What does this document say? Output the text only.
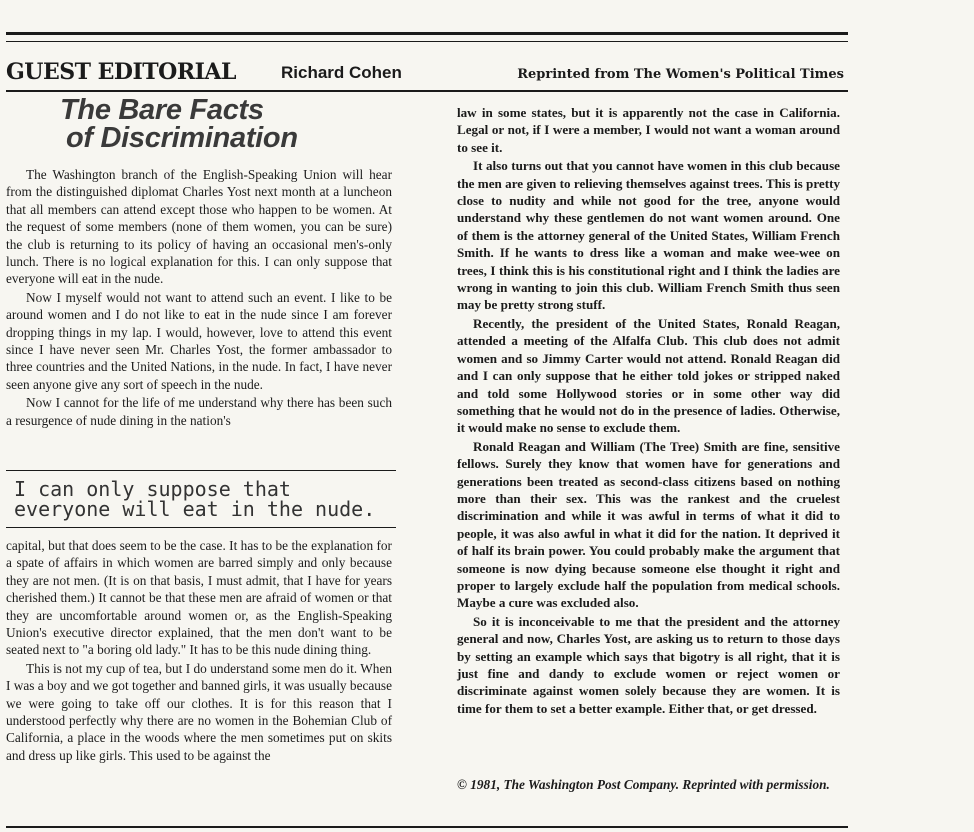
GUEST EDITORIAL	Richard Cohen	Reprinted from The Women's Political Times
The Bare Facts
of Discrimination

The Washington branch of the English-Speaking Union will hear from the distinguished diplomat Charles Yost next month at a luncheon that all members can attend except those who happen to be women. At the request of some members (none of them women, you can be sure) the club is returning to its policy of having an occasional men's-only lunch. There is no logical explanation for this. I can only suppose that everyone will eat in the nude.

Now I myself would not want to attend such an event. I like to be around women and I do not like to eat in the nude since I am forever dropping things in my lap. I would, however, love to attend this event since I have never seen Mr. Charles Yost, the former ambassador to three countries and the United Nations, in the nude. In fact, I have never seen anyone give any sort of speech in the nude.

Now I cannot for the life of me understand why there has been such a resurgence of nude dining in the nation's

I can only suppose that
everyone will eat in the nude.

capital, but that does seem to be the case. It has to be the explanation for a spate of affairs in which women are barred simply and only because they are not men. (It is on that basis, I must admit, that I have for years cherished them.) It cannot be that these men are afraid of women or that they are uncomfortable around women or, as the English-Speaking Union's executive director explained, that the men don't want to be seated next to "a boring old lady." It has to be this nude dining thing.

This is not my cup of tea, but I do understand some men do it. When I was a boy and we got together and banned girls, it was usually because we were going to take off our clothes. It is for this reason that I understood perfectly why there are no women in the Bohemian Club of California, a place in the woods where the men sometimes put on skits and dress up like girls. This used to be against the

law in some states, but it is apparently not the case in California. Legal or not, if I were a member, I would not want a woman around to see it.

It also turns out that you cannot have women in this club because the men are given to relieving themselves against trees. This is pretty close to nudity and while not good for the tree, anyone would understand why these gentlemen do not want women around. One of them is the attorney general of the United States, William French Smith. If he wants to dress like a woman and make wee-wee on trees, I think this is his constitutional right and I think the ladies are wrong in wanting to join this club. William French Smith thus seen may be pretty strong stuff.

Recently, the president of the United States, Ronald Reagan, attended a meeting of the Alfalfa Club. This club does not admit women and so Jimmy Carter would not attend. Ronald Reagan did and I can only suppose that he either told jokes or stripped naked and told some Hollywood stories or in some other way did something that he would not do in the presence of ladies. Otherwise, it would make no sense to exclude them.

Ronald Reagan and William (The Tree) Smith are fine, sensitive fellows. Surely they know that women have for generations and generations been treated as second-class citizens based on nothing more than their sex. This was the rankest and the cruelest discrimination and while it was awful in terms of what it did to people, it was also awful in what it did for the nation. It deprived it of half its brain power. You could probably make the argument that someone is now dying because someone else thought it right and proper to largely exclude half the population from medical schools. Maybe a cure was excluded also.

So it is inconceivable to me that the president and the attorney general and now, Charles Yost, are asking us to return to those days by setting an example which says that bigotry is all right, that it is just fine and dandy to exclude women or reject women or discriminate against women solely because they are women. It is time for them to set a better example. Either that, or get dressed.

© 1981, The Washington Post Company. Reprinted with permission.
